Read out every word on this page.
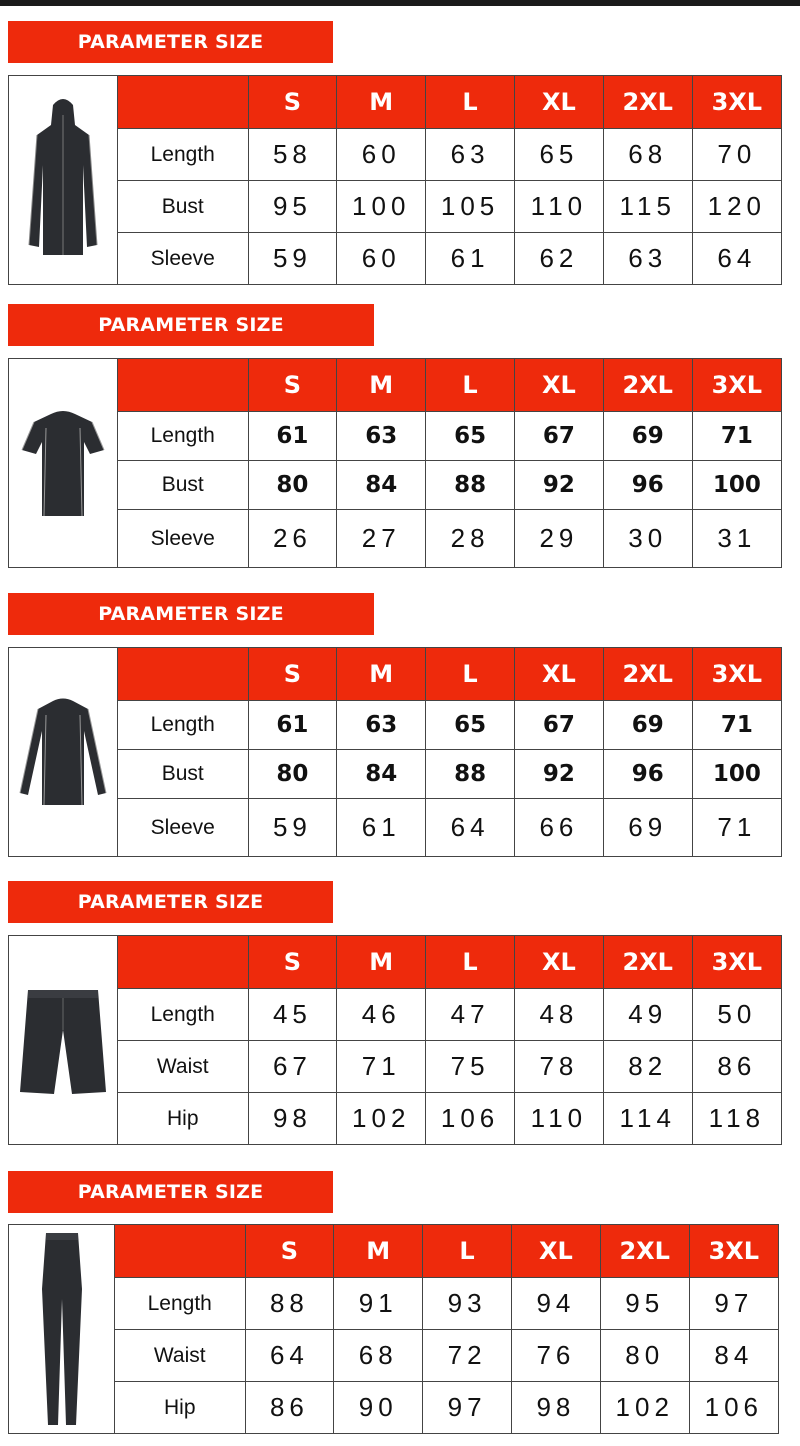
PARAMETER SIZE
	S	M	L	XL	2XL	3XL
Length	58	60	63	65	68	70
Bust	95	100	105	110	115	120
Sleeve	59	60	61	62	63	64
PARAMETER SIZE
	S	M	L	XL	2XL	3XL
Length	61	63	65	67	69	71
Bust	80	84	88	92	96	100
Sleeve	26	27	28	29	30	31
PARAMETER SIZE
	S	M	L	XL	2XL	3XL
Length	61	63	65	67	69	71
Bust	80	84	88	92	96	100
Sleeve	59	61	64	66	69	71
PARAMETER SIZE
	S	M	L	XL	2XL	3XL
Length	45	46	47	48	49	50
Waist	67	71	75	78	82	86
Hip	98	102	106	110	114	118
PARAMETER SIZE
	S	M	L	XL	2XL	3XL
Length	88	91	93	94	95	97
Waist	64	68	72	76	80	84
Hip	86	90	97	98	102	106
